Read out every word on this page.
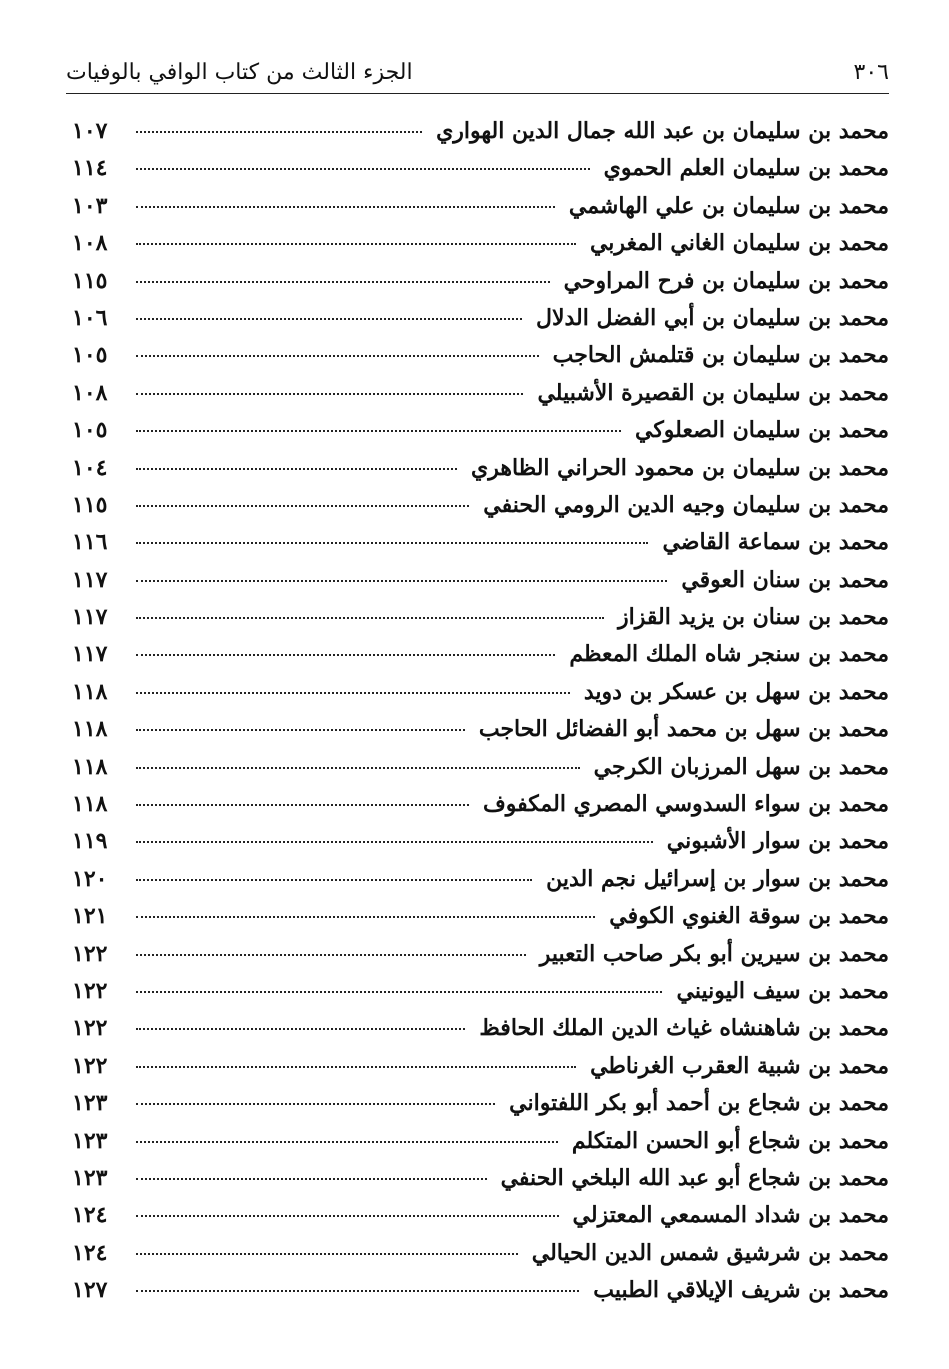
٣٠٦
الجزء الثالث من كتاب الوافي بالوفيات
محمد بن سليمان بن عبد الله جمال الدين الهواري
١٠٧
محمد بن سليمان العلم الحموي
١١٤
محمد بن سليمان بن علي الهاشمي
١٠٣
محمد بن سليمان الغاني المغربي
١٠٨
محمد بن سليمان بن فرح المراوحي
١١٥
محمد بن سليمان بن أبي الفضل الدلال
١٠٦
محمد بن سليمان بن قتلمش الحاجب
١٠٥
محمد بن سليمان بن القصيرة الأشبيلي
١٠٨
محمد بن سليمان الصعلوكي
١٠٥
محمد بن سليمان بن محمود الحراني الظاهري
١٠٤
محمد بن سليمان وجيه الدين الرومي الحنفي
١١٥
محمد بن سماعة القاضي
١١٦
محمد بن سنان العوقي
١١٧
محمد بن سنان بن يزيد القزاز
١١٧
محمد بن سنجر شاه الملك المعظم
١١٧
محمد بن سهل بن عسكر بن دويد
١١٨
محمد بن سهل بن محمد أبو الفضائل الحاجب
١١٨
محمد بن سهل المرزبان الكرجي
١١٨
محمد بن سواء السدوسي المصري المكفوف
١١٨
محمد بن سوار الأشبوني
١١٩
محمد بن سوار بن إسرائيل نجم الدين
١٢٠
محمد بن سوقة الغنوي الكوفي
١٢١
محمد بن سيرين أبو بكر صاحب التعبير
١٢٢
محمد بن سيف اليونيني
١٢٢
محمد بن شاهنشاه غياث الدين الملك الحافظ
١٢٢
محمد بن شبية العقرب الغرناطي
١٢٢
محمد بن شجاع بن أحمد أبو بكر اللفتواني
١٢٣
محمد بن شجاع أبو الحسن المتكلم
١٢٣
محمد بن شجاع أبو عبد الله البلخي الحنفي
١٢٣
محمد بن شداد المسمعي المعتزلي
١٢٤
محمد بن شرشيق شمس الدين الحيالي
١٢٤
محمد بن شريف الإيلاقي الطبيب
١٢٧
